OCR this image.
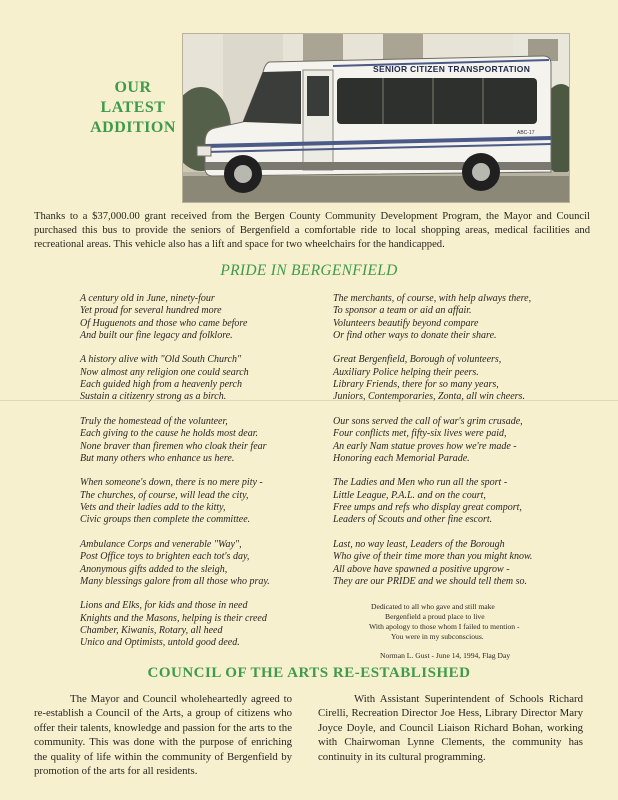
OUR
LATEST
ADDITION
SENIOR CITIZEN TRANSPORTATION
ABC-17
Thanks to a $37,000.00 grant received from the Bergen County Community Development Program, the Mayor and Council purchased this bus to provide the seniors of Bergenfield a comfortable ride to local shopping areas, medical facilities and recreational areas. This vehicle also has a lift and space for two wheelchairs for the handicapped.
PRIDE IN BERGENFIELD
A century old in June, ninety-four
Yet proud for several hundred more
Of Huguenots and those who came before
And built our fine legacy and folklore.
A history alive with "Old South Church"
Now almost any religion one could search
Each guided high from a heavenly perch
Sustain a citizenry strong as a birch.
Truly the homestead of the volunteer,
Each giving to the cause he holds most dear.
None braver than firemen who cloak their fear
But many others who enhance us here.
When someone's down, there is no mere pity -
The churches, of course, will lead the city,
Vets and their ladies add to the kitty,
Civic groups then complete the committee.
Ambulance Corps and venerable "Way",
Post Office toys to brighten each tot's day,
Anonymous gifts added to the sleigh,
Many blessings galore from all those who pray.
Lions and Elks, for kids and those in need
Knights and the Masons, helping is their creed
Chamber, Kiwanis, Rotary, all heed
Unico and Optimists, untold good deed.
The merchants, of course, with help always there,
To sponsor a team or aid an affair.
Volunteers beautify beyond compare
Or find other ways to donate their share.
Great Bergenfield, Borough of volunteers,
Auxiliary Police helping their peers.
Library Friends, there for so many years,
Juniors, Contemporaries, Zonta, all win cheers.
Our sons served the call of war's grim crusade,
Four conflicts met, fifty-six lives were paid,
An early Nam statue proves how we're made -
Honoring each Memorial Parade.
The Ladies and Men who run all the sport -
Little League, P.A.L. and on the court,
Free umps and refs who display great comport,
Leaders of Scouts and other fine escort.
Last, no way least, Leaders of the Borough
Who give of their time more than you might know.
All above have spawned a positive upgrow -
They are our PRIDE and we should tell them so.
Dedicated to all who gave and still make
Bergenfield a proud place to live
With apology to those whom I failed to mention -
You were in my subconscious.
Norman L. Gust - June 14, 1994, Flag Day
COUNCIL OF THE ARTS RE-ESTABLISHED
The Mayor and Council wholeheartedly agreed to re-establish a Council of the Arts, a group of citizens who offer their talents, knowledge and passion for the arts to the community. This was done with the purpose of enriching the quality of life within the community of Bergenfield by promotion of the arts for all residents.
With Assistant Superintendent of Schools Richard Cirelli, Recreation Director Joe Hess, Library Director Mary Joyce Doyle, and Council Liaison Richard Bohan, working with Chairwoman Lynne Clements, the community has continuity in its cultural programming.
